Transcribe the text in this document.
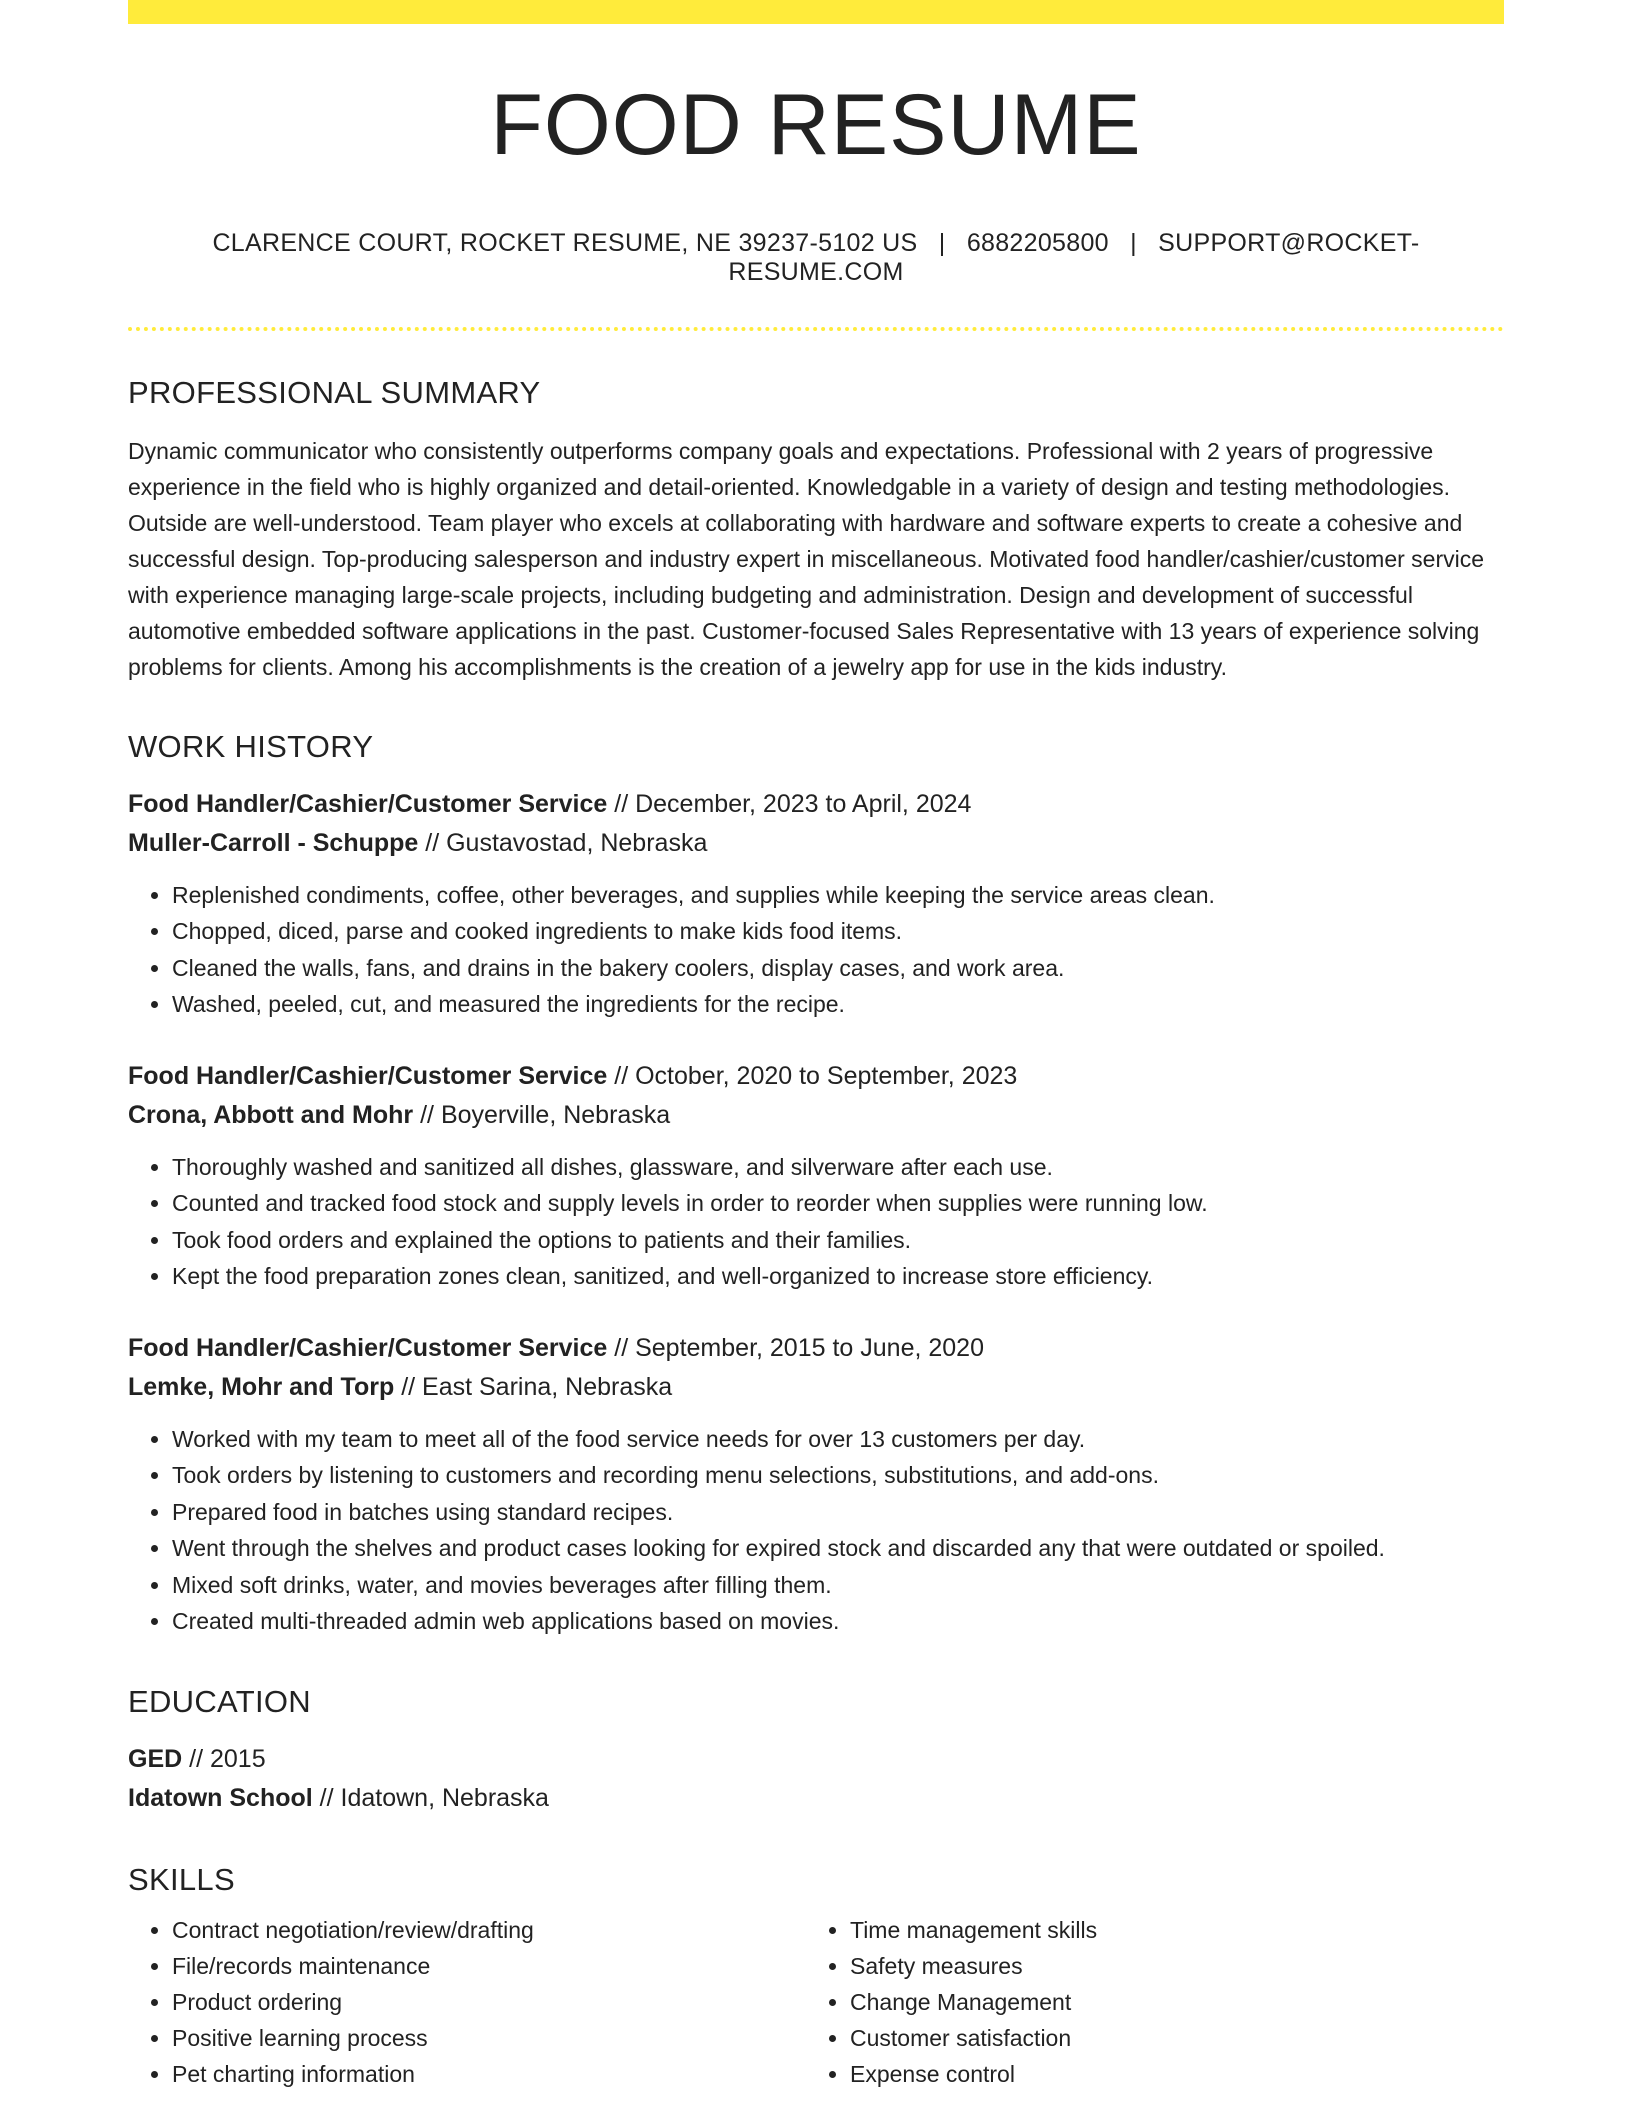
FOOD RESUME
CLARENCE COURT, ROCKET RESUME, NE 39237-5102 US | 6882205800 | SUPPORT@ROCKET-RESUME.COM
PROFESSIONAL SUMMARY

Dynamic communicator who consistently outperforms company goals and expectations. Professional with 2 years of progressive experience in the field who is highly organized and detail-oriented. Knowledgable in a variety of design and testing methodologies. Outside are well-understood. Team player who excels at collaborating with hardware and software experts to create a cohesive and successful design. Top-producing salesperson and industry expert in miscellaneous. Motivated food handler/cashier/customer service with experience managing large-scale projects, including budgeting and administration. Design and development of successful automotive embedded software applications in the past. Customer-focused Sales Representative with 13 years of experience solving problems for clients. Among his accomplishments is the creation of a jewelry app for use in the kids industry.

WORK HISTORY
Food Handler/Cashier/Customer Service // December, 2023 to April, 2024
Muller-Carroll - Schuppe // Gustavostad, Nebraska
• Replenished condiments, coffee, other beverages, and supplies while keeping the service areas clean.
• Chopped, diced, parse and cooked ingredients to make kids food items.
• Cleaned the walls, fans, and drains in the bakery coolers, display cases, and work area.
• Washed, peeled, cut, and measured the ingredients for the recipe.
Food Handler/Cashier/Customer Service // October, 2020 to September, 2023
Crona, Abbott and Mohr // Boyerville, Nebraska
• Thoroughly washed and sanitized all dishes, glassware, and silverware after each use.
• Counted and tracked food stock and supply levels in order to reorder when supplies were running low.
• Took food orders and explained the options to patients and their families.
• Kept the food preparation zones clean, sanitized, and well-organized to increase store efficiency.
Food Handler/Cashier/Customer Service // September, 2015 to June, 2020
Lemke, Mohr and Torp // East Sarina, Nebraska
• Worked with my team to meet all of the food service needs for over 13 customers per day.
• Took orders by listening to customers and recording menu selections, substitutions, and add-ons.
• Prepared food in batches using standard recipes.
• Went through the shelves and product cases looking for expired stock and discarded any that were outdated or spoiled.
• Mixed soft drinks, water, and movies beverages after filling them.
• Created multi-threaded admin web applications based on movies.
EDUCATION
GED // 2015
Idatown School // Idatown, Nebraska
SKILLS
• Contract negotiation/review/drafting
• File/records maintenance
• Product ordering
• Positive learning process
• Pet charting information
• Time management skills
• Safety measures
• Change Management
• Customer satisfaction
• Expense control
